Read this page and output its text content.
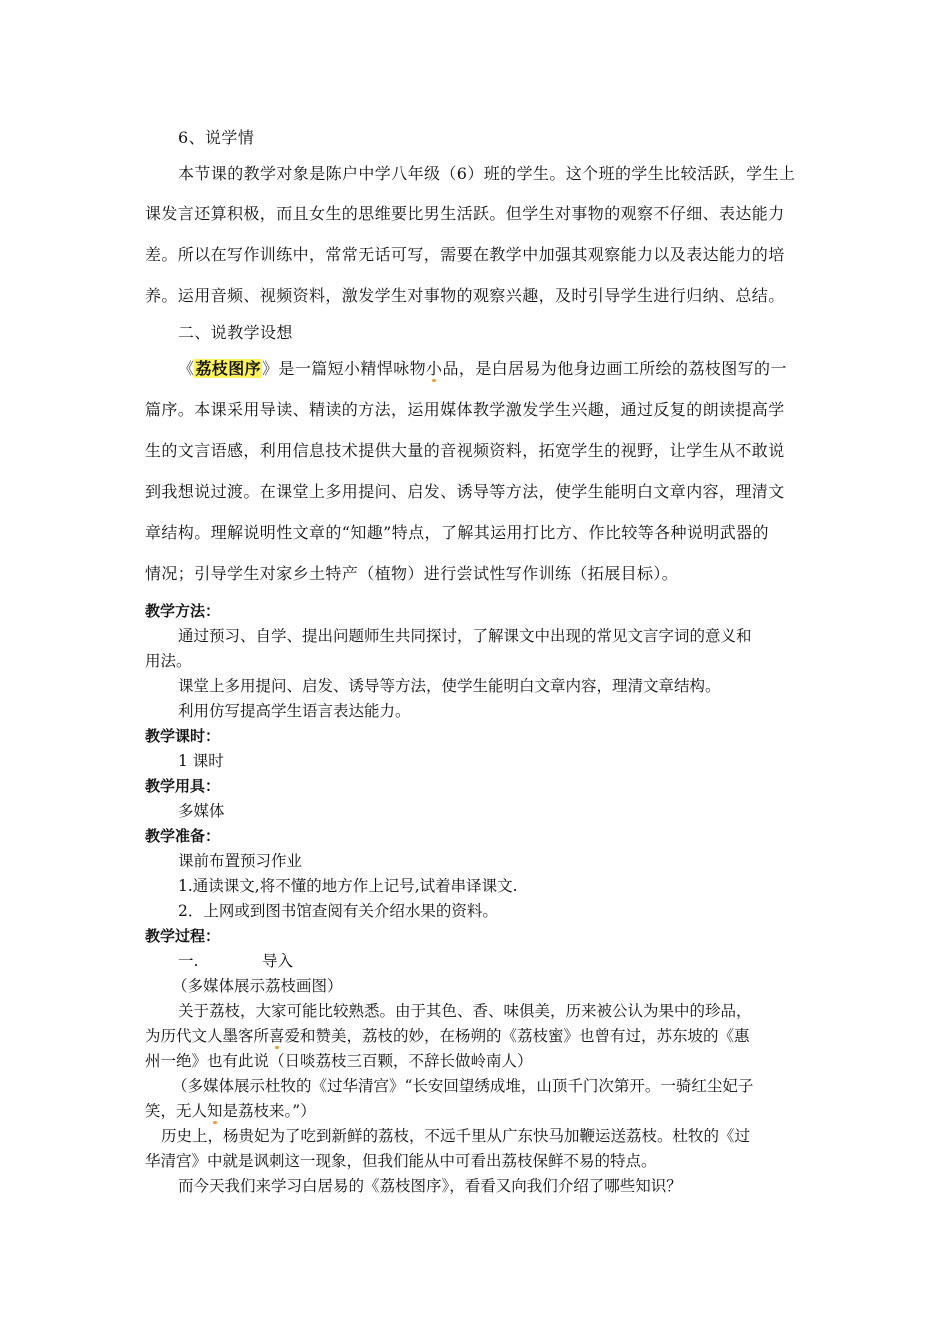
6、说学情
本节课的教学对象是陈户中学八年级（6）班的学生。这个班的学生比较活跃，学生上
课发言还算积极，而且女生的思维要比男生活跃。但学生对事物的观察不仔细、表达能力
差。所以在写作训练中，常常无话可写，需要在教学中加强其观察能力以及表达能力的培
养。运用音频、视频资料，激发学生对事物的观察兴趣，及时引导学生进行归纳、总结。
二、说教学设想
《荔枝图序》是一篇短小精悍咏物小品，是白居易为他身边画工所绘的荔枝图写的一
篇序。本课采用导读、精读的方法，运用媒体教学激发学生兴趣，通过反复的朗读提高学
生的文言语感，利用信息技术提供大量的音视频资料，拓宽学生的视野，让学生从不敢说
到我想说过渡。在课堂上多用提问、启发、诱导等方法，使学生能明白文章内容，理清文
章结构。理解说明性文章的“知趣”特点，了解其运用打比方、作比较等各种说明武器的
情况；引导学生对家乡土特产（植物）进行尝试性写作训练（拓展目标）。
教学方法：
通过预习、自学、提出问题师生共同探讨，了解课文中出现的常见文言字词的意义和
用法。
课堂上多用提问、启发、诱导等方法，使学生能明白文章内容，理清文章结构。
利用仿写提高学生语言表达能力。
教学课时：
1 课时
教学用具：
多媒体
教学准备：
课前布置预习作业
1.通读课文,将不懂的地方作上记号,试着串译课文.
2．上网或到图书馆查阅有关介绍水果的资料。
教学过程：
一.	导入
（多媒体展示荔枝画图）
关于荔枝，大家可能比较熟悉。由于其色、香、味俱美，历来被公认为果中的珍品，
为历代文人墨客所喜爱和赞美，荔枝的妙，在杨朔的《荔枝蜜》也曾有过，苏东坡的《惠
州一绝》也有此说（日啖荔枝三百颗，不辞长做岭南人）
（多媒体展示杜牧的《过华清宫》“长安回望绣成堆，山顶千门次第开。一骑红尘妃子
笑，无人知是荔枝来。”）
历史上，杨贵妃为了吃到新鲜的荔枝，不远千里从广东快马加鞭运送荔枝。杜牧的《过
华清宫》中就是讽刺这一现象，但我们能从中可看出荔枝保鲜不易的特点。
而今天我们来学习白居易的《荔枝图序》，看看又向我们介绍了哪些知识？
